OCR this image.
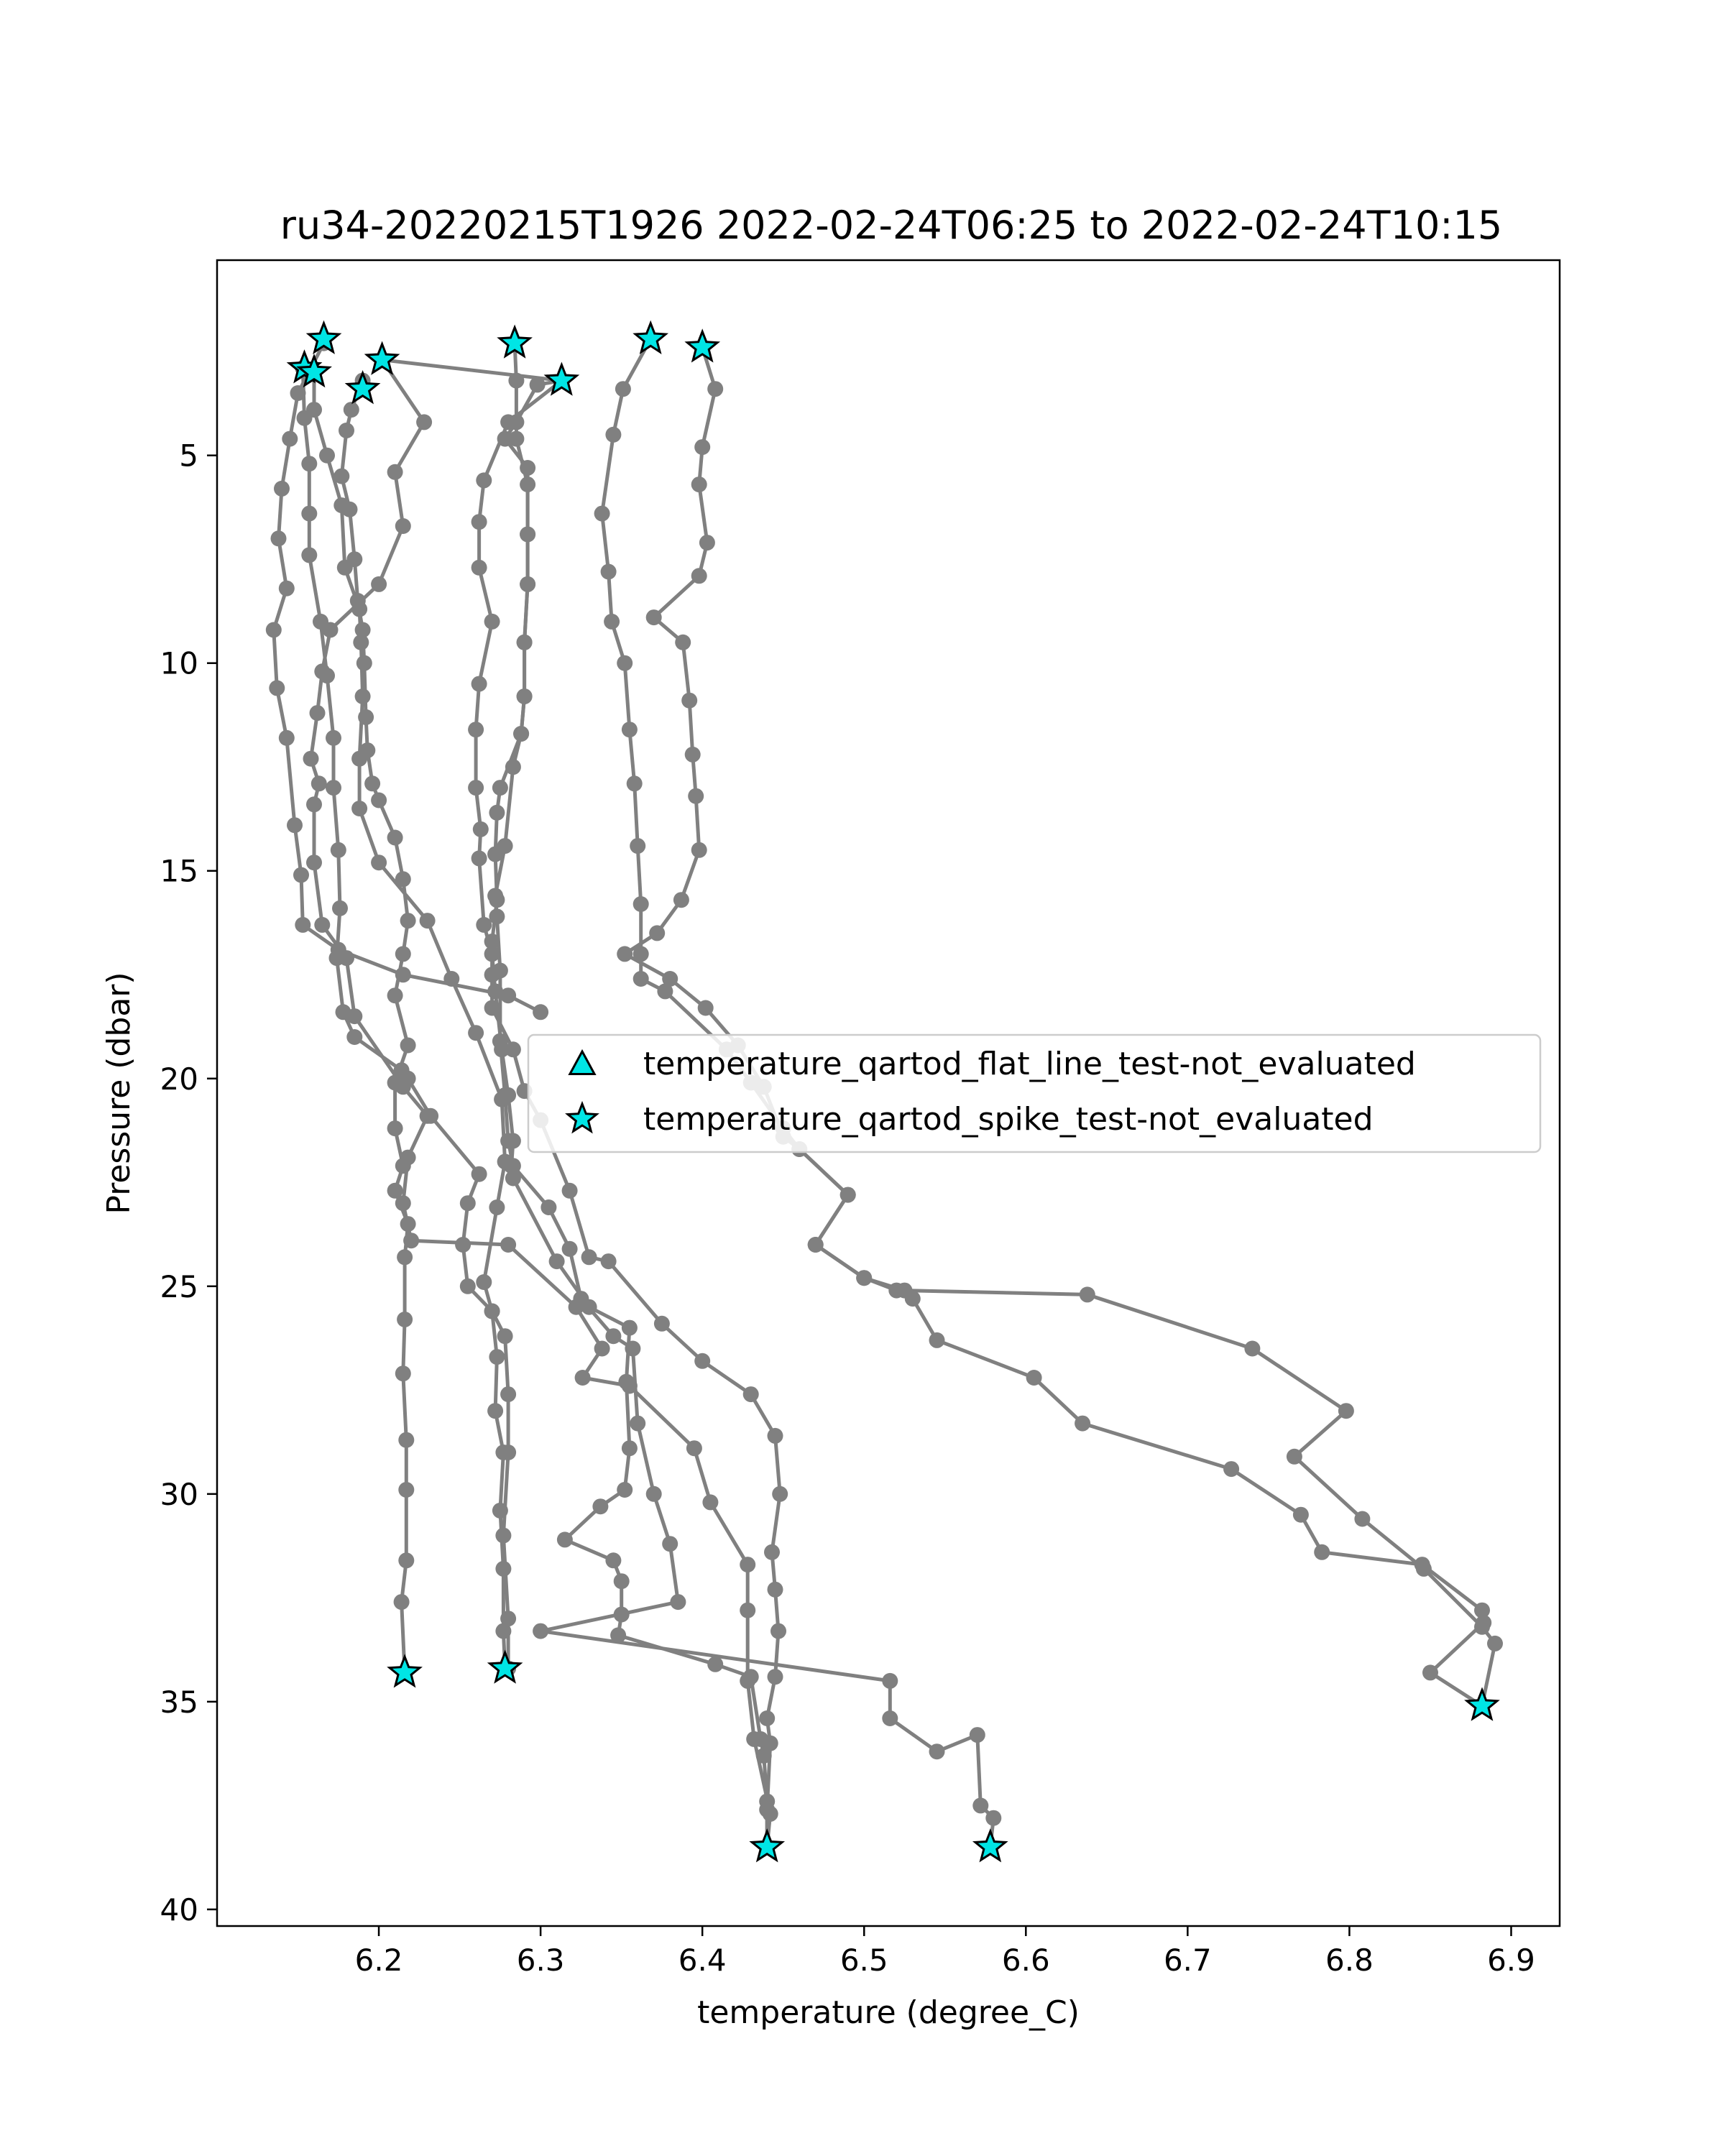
ru34-20220215T1926 2022-02-24T06:25 to 2022-02-24T10:15
6.2	6.3	6.4	6.5	6.6	6.7	6.8	6.9
5
10
15
20
25
30
35
40
temperature (degree_C)
Pressure (dbar)	temperature_qartod_flat_line_test-not_evaluated
temperature_qartod_spike_test-not_evaluated
